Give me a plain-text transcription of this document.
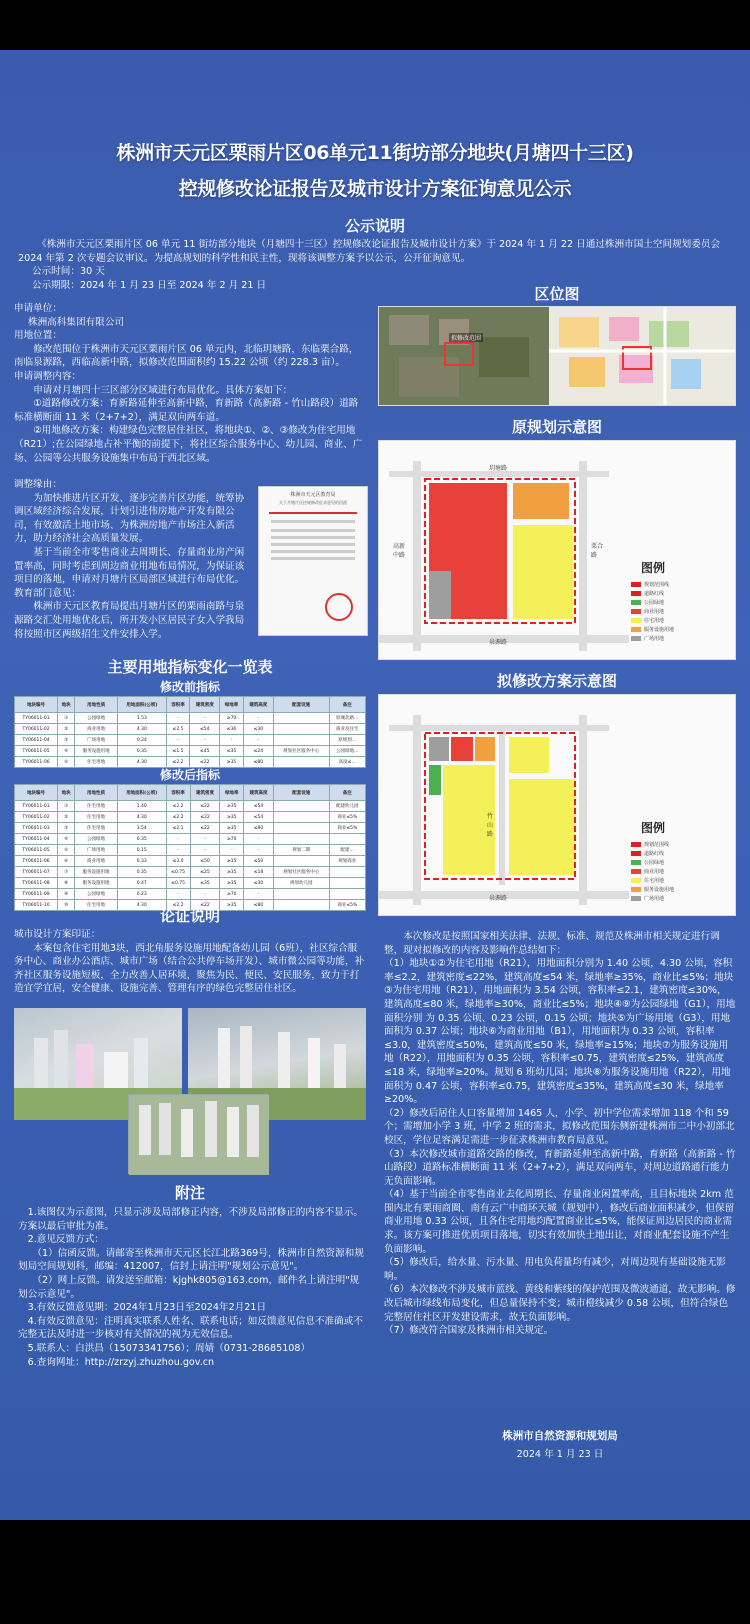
株洲市天元区栗雨片区06单元11街坊部分地块(月塘四十三区)
控规修改论证报告及城市设计方案征询意见公示
公示说明

《株洲市天元区栗雨片区 06 单元 11 街坊部分地块（月塘四十三区）控规修改论证报告及城市设计方案》于 2024 年 1 月 22 日通过株洲市国土空间规划委员会 2024 年第 2 次专题会议审议。为提高规划的科学性和民主性，现将该调整方案予以公示，公开征询意见。

公示时间：30 天

公示期限：2024 年 1 月 23 日至 2024 年 2 月 21 日

申请单位：

株洲高科集团有限公司

用地位置：

修改范围位于株洲市天元区栗雨片区 06 单元内，北临玥塘路，东临栗合路，南临泉源路，西临高新中路，拟修改范围面积约 15.22 公顷（约 228.3 亩）。

申请调整内容：

申请对月塘四十三区部分区域进行布局优化。具体方案如下：

①道路修改方案：育新路延伸至高新中路，育新路（高新路 - 竹山路段）道路标准横断面 11 米（2+7+2），满足双向两车道。

②用地修改方案：构建绿色完整居住社区，将地块①、②、③修改为住宅用地（R21）;在公园绿地占补平衡的前提下，将社区综合服务中心、幼儿园、商业、广场、公园等公共服务设施集中布局于西北区域。

调整缘由：

为加快推进片区开发、逐步完善片区功能，统筹协调区域经济综合发展，计划引进伟房地产开发有限公司，有效激活土地市场、为株洲房地产市场注入新活力，助力经济社会高质量发展。

基于当前全市零售商业去周期长、存量商业房产闲置率高，同时考虑到周边商业用地布局情况，为保证该项目的落地，申请对月塘片区局部区域进行布局优化。

教育部门意见：

株洲市天元区教育局提出月塘片区的栗雨南路与泉源路交汇处用地优化后，所开发小区居民子女入学我局将按照市区两级招生文件安排入学。

株洲市天元区教育局
关于月塘片区控规修改征求意见的回函
主要用地指标变化一览表
修改前指标
地块编号	地块	用地性质	用地面积(公顷)	容积率	建筑密度	绿地率	建筑高度	配套设施	备注
TY06011-01	①	公园绿地	1.53	-	-	≥70	-		原城北路…
TY06011-02	②	商业用地	4.30	≤2.5	≤54	≤36	≤30		商业及住宅
TY06011-04	③	广场用地	0.24	-	-	-	-		原规划…
TY06011-05	④	服务设施用地	0.35	≤1.5	≤45	≤35	≤24	规划社区服务中心	公园绿地…
TY06011-06	⑤	住宅用地	4.30	≤2.2	≤22	≥35	≤80		高度≤…
修改后指标
地块编号	地块	用地性质	用地面积(公顷)	容积率	建筑密度	绿地率	建筑高度	配套设施	备注
TY06011-01	①	住宅用地	1.40	≤2.2	≤22	≥35	≤54		配建幼儿园
TY06011-02	②	住宅用地	4.30	≤2.2	≤22	≥35	≤54		商业≤5%
TY06011-03	③	住宅用地	3.54	≤2.1	≤22	≥35	≤80		商业≤5%
TY06011-04	④	公园绿地	0.35	-	-	≥70	-		
TY06011-05	⑤	广场用地	0.15	-	-	-	-	规划二期	配建…
TY06011-06	⑥	商业用地	0.33	≤3.0	≤50	≥15	≤50		规划商业
TY06011-07	⑦	服务设施用地	0.35	≤0.75	≤25	≥35	≤18	规划社区服务中心	
TY06011-08	⑧	服务设施用地	0.47	≤0.75	≤35	≥35	≤30	规划幼儿园	
TY06011-09	⑨	公园绿地	0.23	-	-	≥70	-		
TY06011-10	⑩	住宅用地	4.30	≤2.2	≤22	≥35	≤80		商业≤5%
论证说明

城市设计方案印证：

本案包含住宅用地3块，西北角服务设施用地配备幼儿园（6班），社区综合服务中心、商业办公酒店、城市广场（结合公共停车场开发）、城市微公园等功能，补齐社区服务设施短板，全力改善人居环境，聚焦为民、便民、安民服务，致力于打造宜学宜居，安全健康、设施完善、管理有序的绿色完整居住社区。

附注

1.该图仅为示意图，只显示涉及局部修正内容，不涉及局部修正的内容不显示。方案以最后审批为准。

2.意见反馈方式：

（1）信函反馈。请邮寄至株洲市天元区长江北路369号，株洲市自然资源和规划局空间规划科，邮编：412007，信封上请注明"规划公示意见"。

（2）网上反馈。请发送至邮箱：kjghk805@163.com，邮件名上请注明"规划公示意见"。

3.有效反馈意见期：2024年1月23日至2024年2月21日

4.有效反馈意见：注明真实联系人姓名、联系电话；如反馈意见信息不准确或不完整无法及时进一步核对有关情况的视为无效信息。

5.联系人：白洪昌（15073341756）；周婧（0731-28685108）

6.查询网址：http://zrzyj.zhuzhou.gov.cn

区位图
拟修改范围
原规划示意图
玥塘路
泉源路
高新中路
栗合路
图例
规划范围线
道路红线
公园绿地
商业用地
住宅用地
服务设施用地
广场用地
拟修改方案示意图
竹山路
泉源路
图例
规划范围线
道路红线
公园绿地
商业用地
住宅用地
服务设施用地
广场用地

本次修改是按照国家相关法律、法规、标准、规范及株洲市相关规定进行调整，现对拟修改的内容及影响作总结如下：

（1）地块①②为住宅用地（R21），用地面积分别为 1.40 公顷，4.30 公顷，容积率≤2.2，建筑密度≤22%，建筑高度≤54 米，绿地率≥35%，商业比≤5%；地块③为住宅用地（R21），用地面积为 3.54 公顷，容积率≤2.1，建筑密度≤30%，建筑高度≤80 米，绿地率≥30%，商业比≤5%；地块④⑨为公园绿地（G1），用地面积分别 为 0.35 公顷、0.23 公顷，0.15 公顷；地块⑤为广场用地（G3），用地面积为 0.37 公顷；地块⑥为商业用地（B1），用地面积为 0.33 公顷，容积率≤3.0，建筑密度≤50%，建筑高度≤50 米，绿地率≥15%；地块⑦为服务设施用地（R22），用地面积为 0.35 公顷，容积率≤0.75，建筑密度≤25%，建筑高度≤18 米，绿地率≥20%。规划 6 班幼儿园；地块⑧为服务设施用地（R22），用地面积为 0.47 公顷，容积率≤0.75，建筑密度≤35%，建筑高度≤30 米，绿地率≥20%。

（2）修改后居住人口容量增加 1465 人，小学、初中学位需求增加 118 个和 59 个；需增加小学 3 班，中学 2 班的需求，拟修改范围东侧新建株洲市二中小初部北校区，学位足容满足需进一步征求株洲市教育局意见。

（3）本次修改城市道路交路的修改，育新路延伸至高新中路，育新路（高新路 - 竹山路段）道路标准横断面 11 米（2+7+2），满足双向两车，对周边道路通行能力无负面影响。

（4）基于当前全市零售商业去化周期长、存量商业闲置率高，且目标地块 2km 范围内北有栗雨商圈、南有云广中商环天城（规划中），修改后商业面积减少，但保留商业用地 0.33 公顷，且各住宅用地均配置商业比≤5%，能保证周边居民的商业需求。该方案可推进优质项目落地，切实有效加快土地出让，对商业配套设施不产生负面影响。

（5）修改后，给水量、污水量、用电负荷量均有减少，对周边现有基础设施无影响。

（6）本次修改不涉及城市蓝线、黄线和紫线的保护范围及微波通道，故无影响。修改后城市绿线布局变化，但总量保持不变；城市橙线减少 0.58 公顷，但符合绿色完整居住社区开发建设需求，故无负面影响。

（7）修改符合国家及株洲市相关规定。

株洲市自然资源和规划局
2024 年 1 月 23 日
